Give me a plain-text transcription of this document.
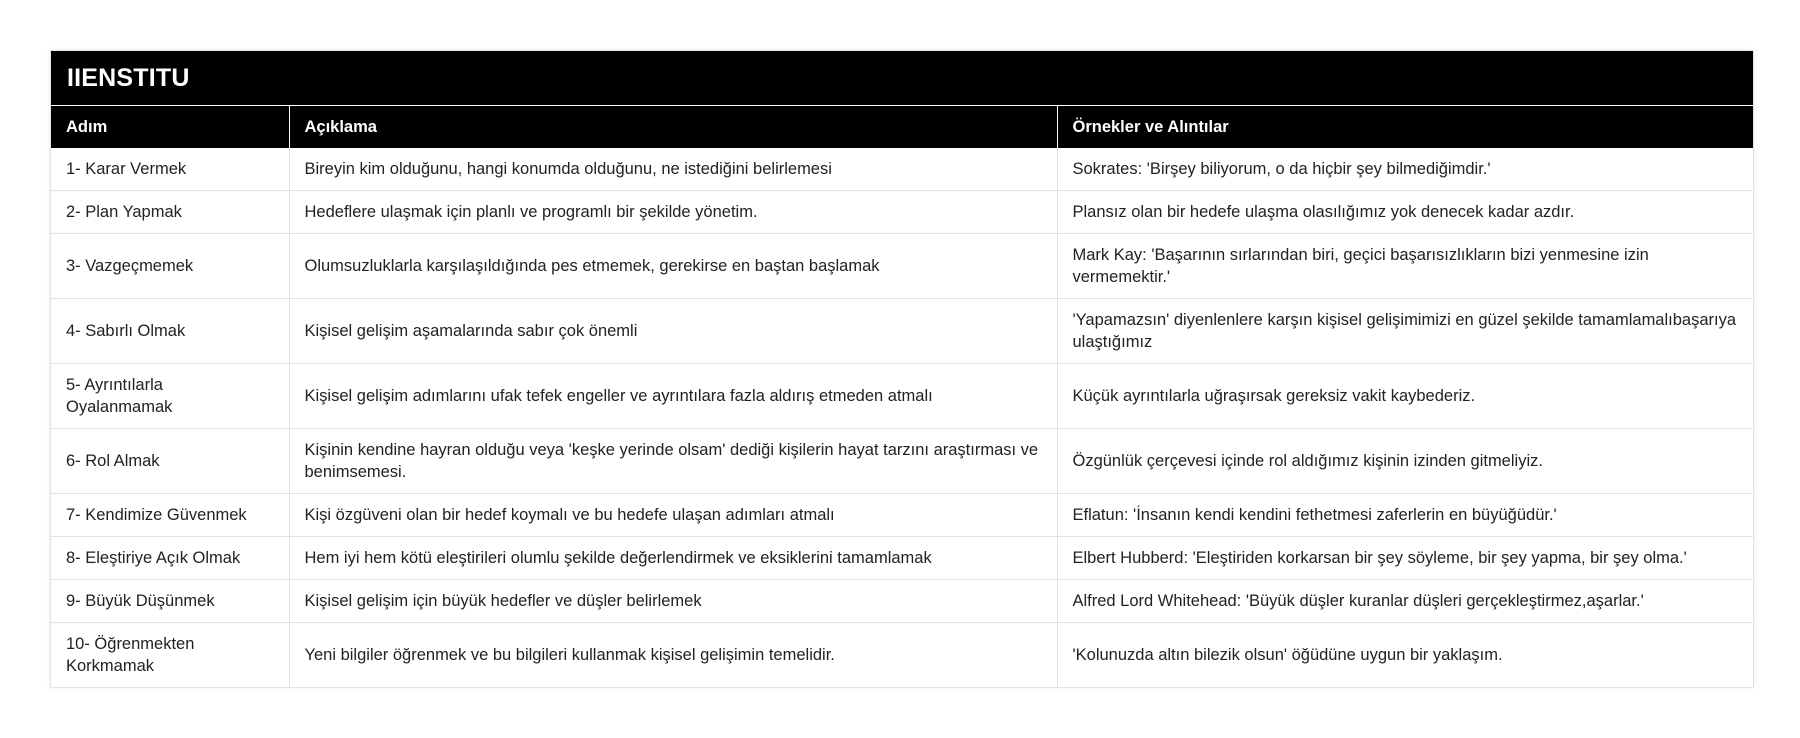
IIENSTITU
Adım	Açıklama	Örnekler ve Alıntılar
1- Karar Vermek	Bireyin kim olduğunu, hangi konumda olduğunu, ne istediğini belirlemesi	Sokrates: 'Birşey biliyorum, o da hiçbir şey bilmediğimdir.'
2- Plan Yapmak	Hedeflere ulaşmak için planlı ve programlı bir şekilde yönetim.	Plansız olan bir hedefe ulaşma olasılığımız yok denecek kadar azdır.
3- Vazgeçmemek	Olumsuzluklarla karşılaşıldığında pes etmemek, gerekirse en baştan başlamak	Mark Kay: 'Başarının sırlarından biri, geçici başarısızlıkların bizi yenmesine izin vermemektir.'
4- Sabırlı Olmak	Kişisel gelişim aşamalarında sabır çok önemli	'Yapamazsın' diyenlenlere karşın kişisel gelişimimizi en güzel şekilde tamamlamalıbaşarıya ulaştığımız
5- Ayrıntılarla Oyalanmamak	Kişisel gelişim adımlarını ufak tefek engeller ve ayrıntılara fazla aldırış etmeden atmalı	Küçük ayrıntılarla uğraşırsak gereksiz vakit kaybederiz.
6- Rol Almak	Kişinin kendine hayran olduğu veya 'keşke yerinde olsam' dediği kişilerin hayat tarzını araştırması ve benimsemesi.	Özgünlük çerçevesi içinde rol aldığımız kişinin izinden gitmeliyiz.
7- Kendimize Güvenmek	Kişi özgüveni olan bir hedef koymalı ve bu hedefe ulaşan adımları atmalı	Eflatun: 'İnsanın kendi kendini fethetmesi zaferlerin en büyüğüdür.'
8- Eleştiriye Açık Olmak	Hem iyi hem kötü eleştirileri olumlu şekilde değerlendirmek ve eksiklerini tamamlamak	Elbert Hubberd: 'Eleştiriden korkarsan bir şey söyleme, bir şey yapma, bir şey olma.'
9- Büyük Düşünmek	Kişisel gelişim için büyük hedefler ve düşler belirlemek	Alfred Lord Whitehead: 'Büyük düşler kuranlar düşleri gerçekleştirmez,aşarlar.'
10- Öğrenmekten Korkmamak	Yeni bilgiler öğrenmek ve bu bilgileri kullanmak kişisel gelişimin temelidir.	'Kolunuzda altın bilezik olsun' öğüdüne uygun bir yaklaşım.
